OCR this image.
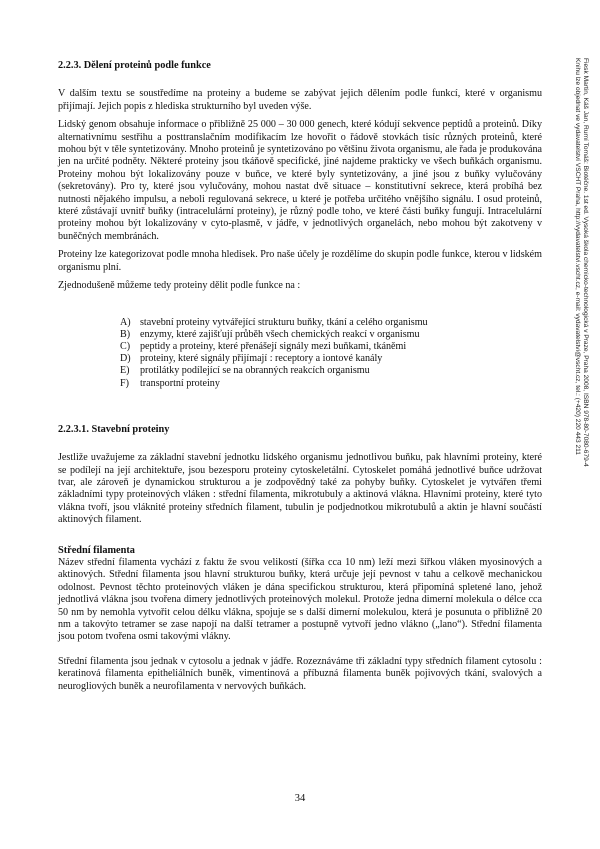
Fiesk Martin, Káš Jan, Rumí Tomáš: Biotéčne. 1st ed. Vysoká škola chemicko-technologická v Praze, Praha 2008, ISBN 978-80-7080-679-4
Knihu lze objednat ve vydavatelství VŠCHT Praha, http://vydavatelstvi.vscht.cz, e-mail: vydavatelstvi@vscht.cz, tel.: (+420) 220 443 211
2.2.3. Dělení proteinů podle funkce

V dalším textu se soustředíme na proteiny a budeme se zabývat jejich dělením podle funkcí, které v organismu přijímají. Jejich popis z hlediska strukturního byl uveden výše.

Lidský genom obsahuje informace o přibližně 25 000 – 30 000 genech, které kódují sekvence peptidů a proteinů. Díky alternativnímu sestřihu a posttranslačním modifikacím lze hovořit o řádově stovkách tisíc různých proteinů, které mohou být v těle syntetizovány. Mnoho proteinů je syntetizováno po většinu života organismu, ale řada je produkována jen na určité podněty. Některé proteiny jsou tkáňově specifické, jiné najdeme prakticky ve všech buňkách organismu. Proteiny mohou být lokalizovány pouze v buňce, ve které byly syntetizovány, a jiné jsou z buňky vylučovány (sekretovány). Pro ty, které jsou vylučovány, mohou nastat dvě situace – konstitutivní sekrece, která probíhá bez nutnosti nějakého impulsu, a neboli regulovaná sekrece, u které je potřeba určitého vnějšího signálu. I osud proteinů, které zůstávají uvnitř buňky (intracelulární proteiny), je různý podle toho, ve které části buňky fungují. Intracelulární proteiny mohou být lokalizovány v cyto-plasmě, v jádře, v jednotlivých organelách, nebo mohou být zakotveny v buněčných membránách.

Proteiny lze kategorizovat podle mnoha hledisek. Pro naše účely je rozdělíme do skupin podle funkce, kterou v lidském organismu plní.

Zjednodušeně můžeme tedy proteiny dělit podle funkce na :

A) stavební proteiny vytvářející strukturu buňky, tkání a celého organismu
B) enzymy, které zajišťují průběh všech chemických reakcí v organismu
C) peptidy a proteiny, které přenášejí signály mezi buňkami, tkáněmi
D) proteiny, které signály přijímají : receptory a iontové kanály
E)	protilátky podílející se na obranných reakcích organismu
F)	transportní proteiny
2.2.3.1. Stavební proteiny

Jestliže uvažujeme za základní stavební jednotku lidského organismu jednotlivou buňku, pak hlavními proteiny, které se podílejí na její architektuře, jsou bezesporu proteiny cytoskeletální. Cytoskelet pomáhá jednotlivé buňce udržovat tvar, ale zároveň je dynamickou strukturou a je zodpovědný také za pohyby buňky. Cytoskelet je vytvářen třemi základními typy proteinových vláken : střední filamenta, mikrotubuly a aktinová vlákna. Hlavními proteiny, které tyto vlákna tvoří, jsou vláknité proteiny středních filament, tubulin je podjednotkou mikrotubulů a aktin je hlavní součástí aktinových filament.

Střední filamenta

Název střední filamenta vychází z faktu že svou velikostí (šířka cca 10 nm) leží mezi šířkou vláken myosinových a aktinových. Střední filamenta jsou hlavní strukturou buňky, která určuje její pevnost v tahu a celkově mechanickou odolnost. Pevnost těchto proteinových vláken je dána specifickou strukturou, která připomíná spletené lano, jehož jednotlivá vlákna jsou tvořena dimery jednotlivých proteinových molekul. Protože jedna dimerní molekula o délce cca 50 nm by nemohla vytvořit celou délku vlákna, spojuje se s další dimerní molekulou, která je posunuta o přibližně 20 nm a takovýto tetramer se zase napojí na další tetramer a postupně vytvoří jedno vlákno („lano“). Střední filamenta jsou potom tvořena osmi takovými vlákny.

Střední filamenta jsou jednak v cytosolu a jednak v jádře. Rozeznáváme tři základní typy středních filament cytosolu : keratinová filamenta epitheliálních buněk, vimentinová a příbuzná filamenta buněk pojivových tkání, svalových a neurogliových buněk a neurofilamenta v nervových buňkách.

34
